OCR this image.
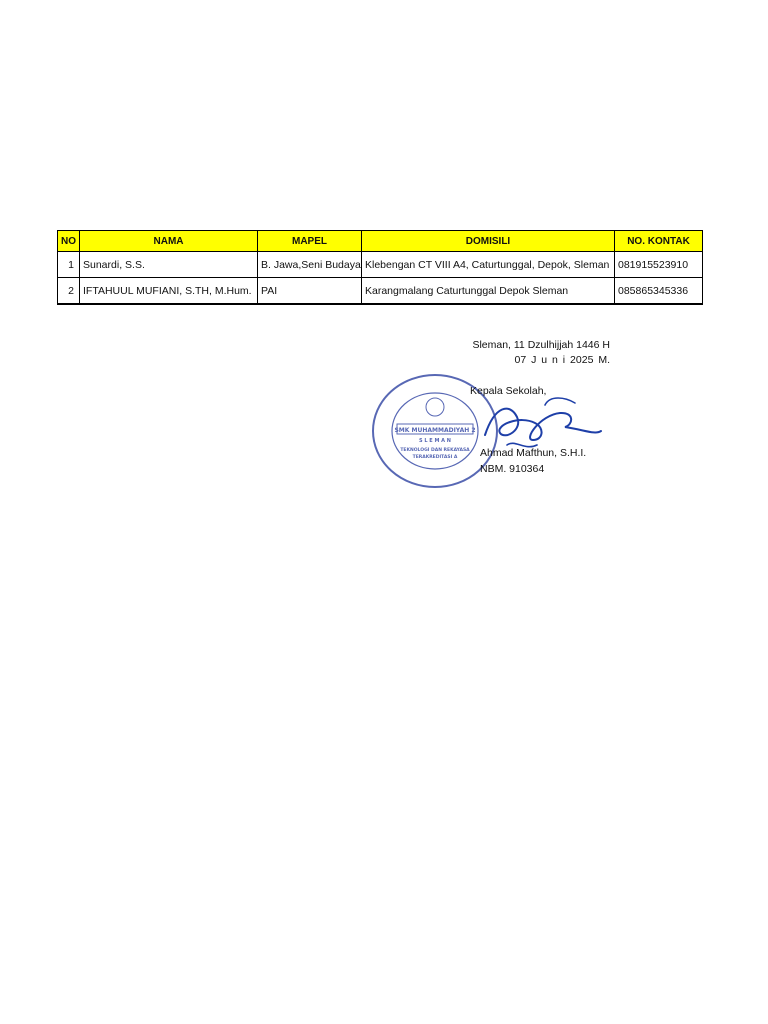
NO	NAMA	MAPEL	DOMISILI	NO. KONTAK
1	Sunardi, S.S.	B. Jawa,Seni Budaya	Klebengan CT VIII A4, Caturtunggal, Depok, Sleman	081915523910
2	IFTAHUUL MUFIANI, S.TH, M.Hum.	PAI	Karangmalang Caturtunggal Depok Sleman	085865345336
Sleman, 11 Dzulhijjah 1446 H
07 J u n i 2025 M.
SMK MUHAMMADIYAH 2
S L E M A N
TEKNOLOGI DAN REKAYASA
TERAKREDITASI A
Kepala Sekolah,
Ahmad Mafthun, S.H.I.
NBM. 910364
